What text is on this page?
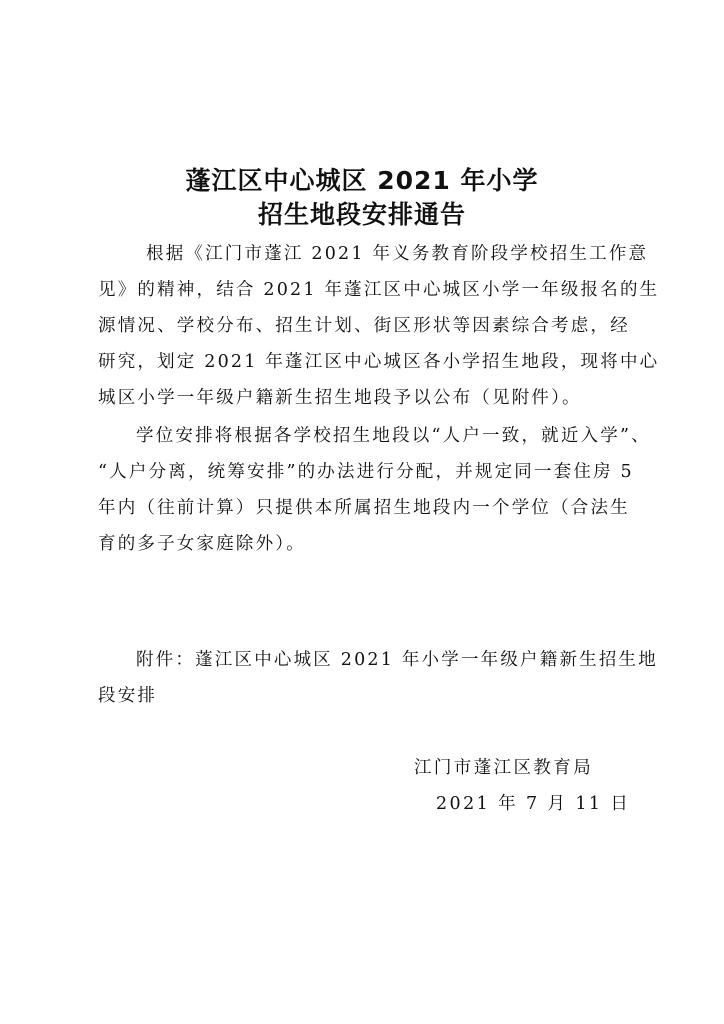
蓬江区中心城区 2021 年小学
招生地段安排通告

根据《江门市蓬江 2021 年义务教育阶段学校招生工作意

见》的精神，结合 2021 年蓬江区中心城区小学一年级报名的生

源情况、学校分布、招生计划、街区形状等因素综合考虑，经

研究，划定 2021 年蓬江区中心城区各小学招生地段，现将中心

城区小学一年级户籍新生招生地段予以公布（见附件）。

学位安排将根据各学校招生地段以“人户一致，就近入学”、

“人户分离，统筹安排”的办法进行分配，并规定同一套住房 5

年内（往前计算）只提供本所属招生地段内一个学位（合法生

育的多子女家庭除外）。

附件：蓬江区中心城区 2021 年小学一年级户籍新生招生地

段安排

江门市蓬江区教育局

2021 年 7 月 11 日
